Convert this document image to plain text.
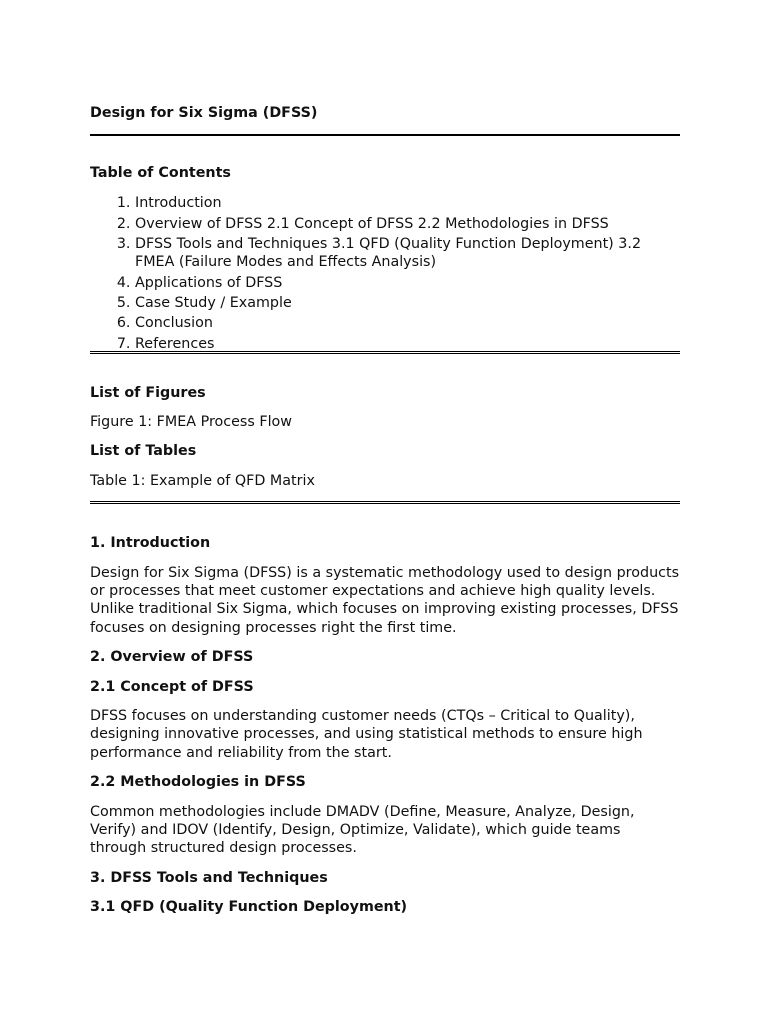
Design for Six Sigma (DFSS)
Table of Contents
1. Introduction
2. Overview of DFSS 2.1 Concept of DFSS 2.2 Methodologies in DFSS
3. DFSS Tools and Techniques 3.1 QFD (Quality Function Deployment) 3.2 FMEA (Failure Modes and Effects Analysis)
4. Applications of DFSS
5. Case Study / Example
6. Conclusion
7. References
List of Figures

Figure 1: FMEA Process Flow

List of Tables

Table 1: Example of QFD Matrix

1. Introduction

Design for Six Sigma (DFSS) is a systematic methodology used to design products or processes that meet customer expectations and achieve high quality levels. Unlike traditional Six Sigma, which focuses on improving existing processes, DFSS focuses on designing processes right the first time.

2. Overview of DFSS
2.1 Concept of DFSS

DFSS focuses on understanding customer needs (CTQs – Critical to Quality), designing innovative processes, and using statistical methods to ensure high performance and reliability from the start.

2.2 Methodologies in DFSS

Common methodologies include DMADV (Define, Measure, Analyze, Design, Verify) and IDOV (Identify, Design, Optimize, Validate), which guide teams through structured design processes.

3. DFSS Tools and Techniques
3.1 QFD (Quality Function Deployment)
